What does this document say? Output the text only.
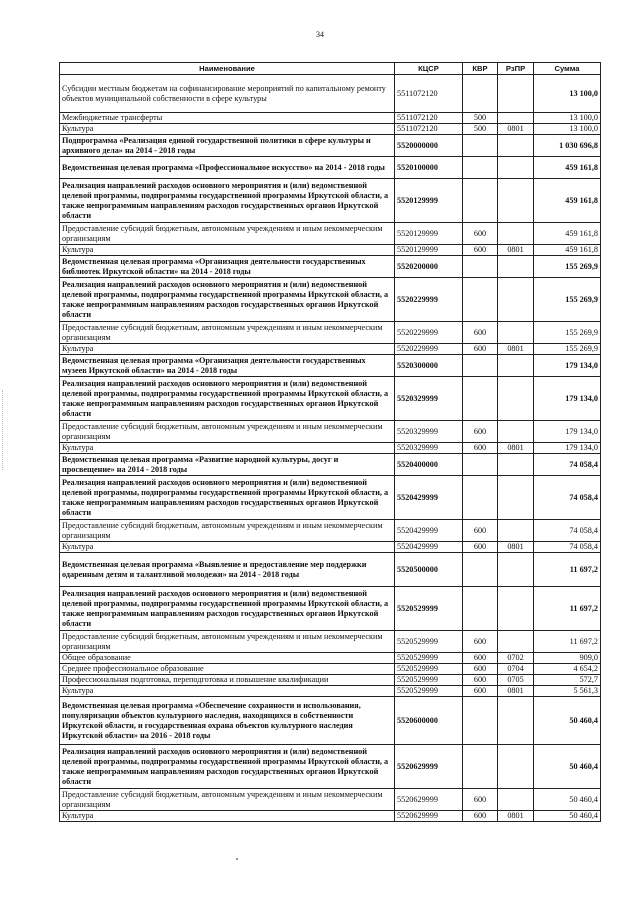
34
Наименование	КЦСР	КВР	РзПР	Сумма
Субсидии местным бюджетам на софинансирование мероприятий по капитальному ремонту объектов муниципальной собственности в сфере культуры	5511072120			13 100,0
Межбюджетные трансферты	5511072120	500		13 100,0
Культура	5511072120	500	0801	13 100,0
Подпрограмма «Реализация единой государственной политики в сфере культуры и архивного дела» на 2014 - 2018 годы	5520000000			1 030 696,8
Ведомственная целевая программа «Профессиональное искусство» на 2014 - 2018 годы	5520100000			459 161,8
Реализация направлений расходов основного мероприятия и (или) ведомственной целевой программы, подпрограммы государственной программы Иркутской области, а также непрограммным направлениям расходов государственных органов Иркутской области	5520129999			459 161,8
Предоставление субсидий бюджетным, автономным учреждениям и иным некоммерческим организациям	5520129999	600		459 161,8
Культура	5520129999	600	0801	459 161,8
Ведомственная целевая программа «Организация деятельности государственных библиотек Иркутской области» на 2014 - 2018 годы	5520200000			155 269,9
Реализация направлений расходов основного мероприятия и (или) ведомственной целевой программы, подпрограммы государственной программы Иркутской области, а также непрограммным направлениям расходов государственных органов Иркутской области	5520229999			155 269,9
Предоставление субсидий бюджетным, автономным учреждениям и иным некоммерческим организациям	5520229999	600		155 269,9
Культура	5520229999	600	0801	155 269,9
Ведомственная целевая программа «Организация деятельности государственных музеев Иркутской области» на 2014 - 2018 годы	5520300000			179 134,0
Реализация направлений расходов основного мероприятия и (или) ведомственной целевой программы, подпрограммы государственной программы Иркутской области, а также непрограммным направлениям расходов государственных органов Иркутской области	5520329999			179 134,0
Предоставление субсидий бюджетным, автономным учреждениям и иным некоммерческим организациям	5520329999	600		179 134,0
Культура	5520329999	600	0801	179 134,0
Ведомственная целевая программа «Развитие народной культуры, досуг и просвещение» на 2014 - 2018 годы	5520400000			74 058,4
Реализация направлений расходов основного мероприятия и (или) ведомственной целевой программы, подпрограммы государственной программы Иркутской области, а также непрограммным направлениям расходов государственных органов Иркутской области	5520429999			74 058,4
Предоставление субсидий бюджетным, автономным учреждениям и иным некоммерческим организациям	5520429999	600		74 058,4
Культура	5520429999	600	0801	74 058,4
Ведомственная целевая программа «Выявление и предоставление мер поддержки одаренным детям и талантливой молодежи» на 2014 - 2018 годы	5520500000			11 697,2
Реализация направлений расходов основного мероприятия и (или) ведомственной целевой программы, подпрограммы государственной программы Иркутской области, а также непрограммным направлениям расходов государственных органов Иркутской области	5520529999			11 697,2
Предоставление субсидий бюджетным, автономным учреждениям и иным некоммерческим организациям	5520529999	600		11 697,2
Общее образование	5520529999	600	0702	909,0
Среднее профессиональное образование	5520529999	600	0704	4 654,2
Профессиональная подготовка, переподготовка и повышение квалификации	5520529999	600	0705	572,7
Культура	5520529999	600	0801	5 561,3
Ведомственная целевая программа «Обеспечение сохранности и использования, популяризации объектов культурного наследия, находящихся в собственности Иркутской области, и государственная охрана объектов культурного наследия Иркутской области» на 2016 - 2018 годы	5520600000			50 460,4
Реализация направлений расходов основного мероприятия и (или) ведомственной целевой программы, подпрограммы государственной программы Иркутской области, а также непрограммным направлениям расходов государственных органов Иркутской области	5520629999			50 460,4
Предоставление субсидий бюджетным, автономным учреждениям и иным некоммерческим организациям	5520629999	600		50 460,4
Культура	5520629999	600	0801	50 460,4
